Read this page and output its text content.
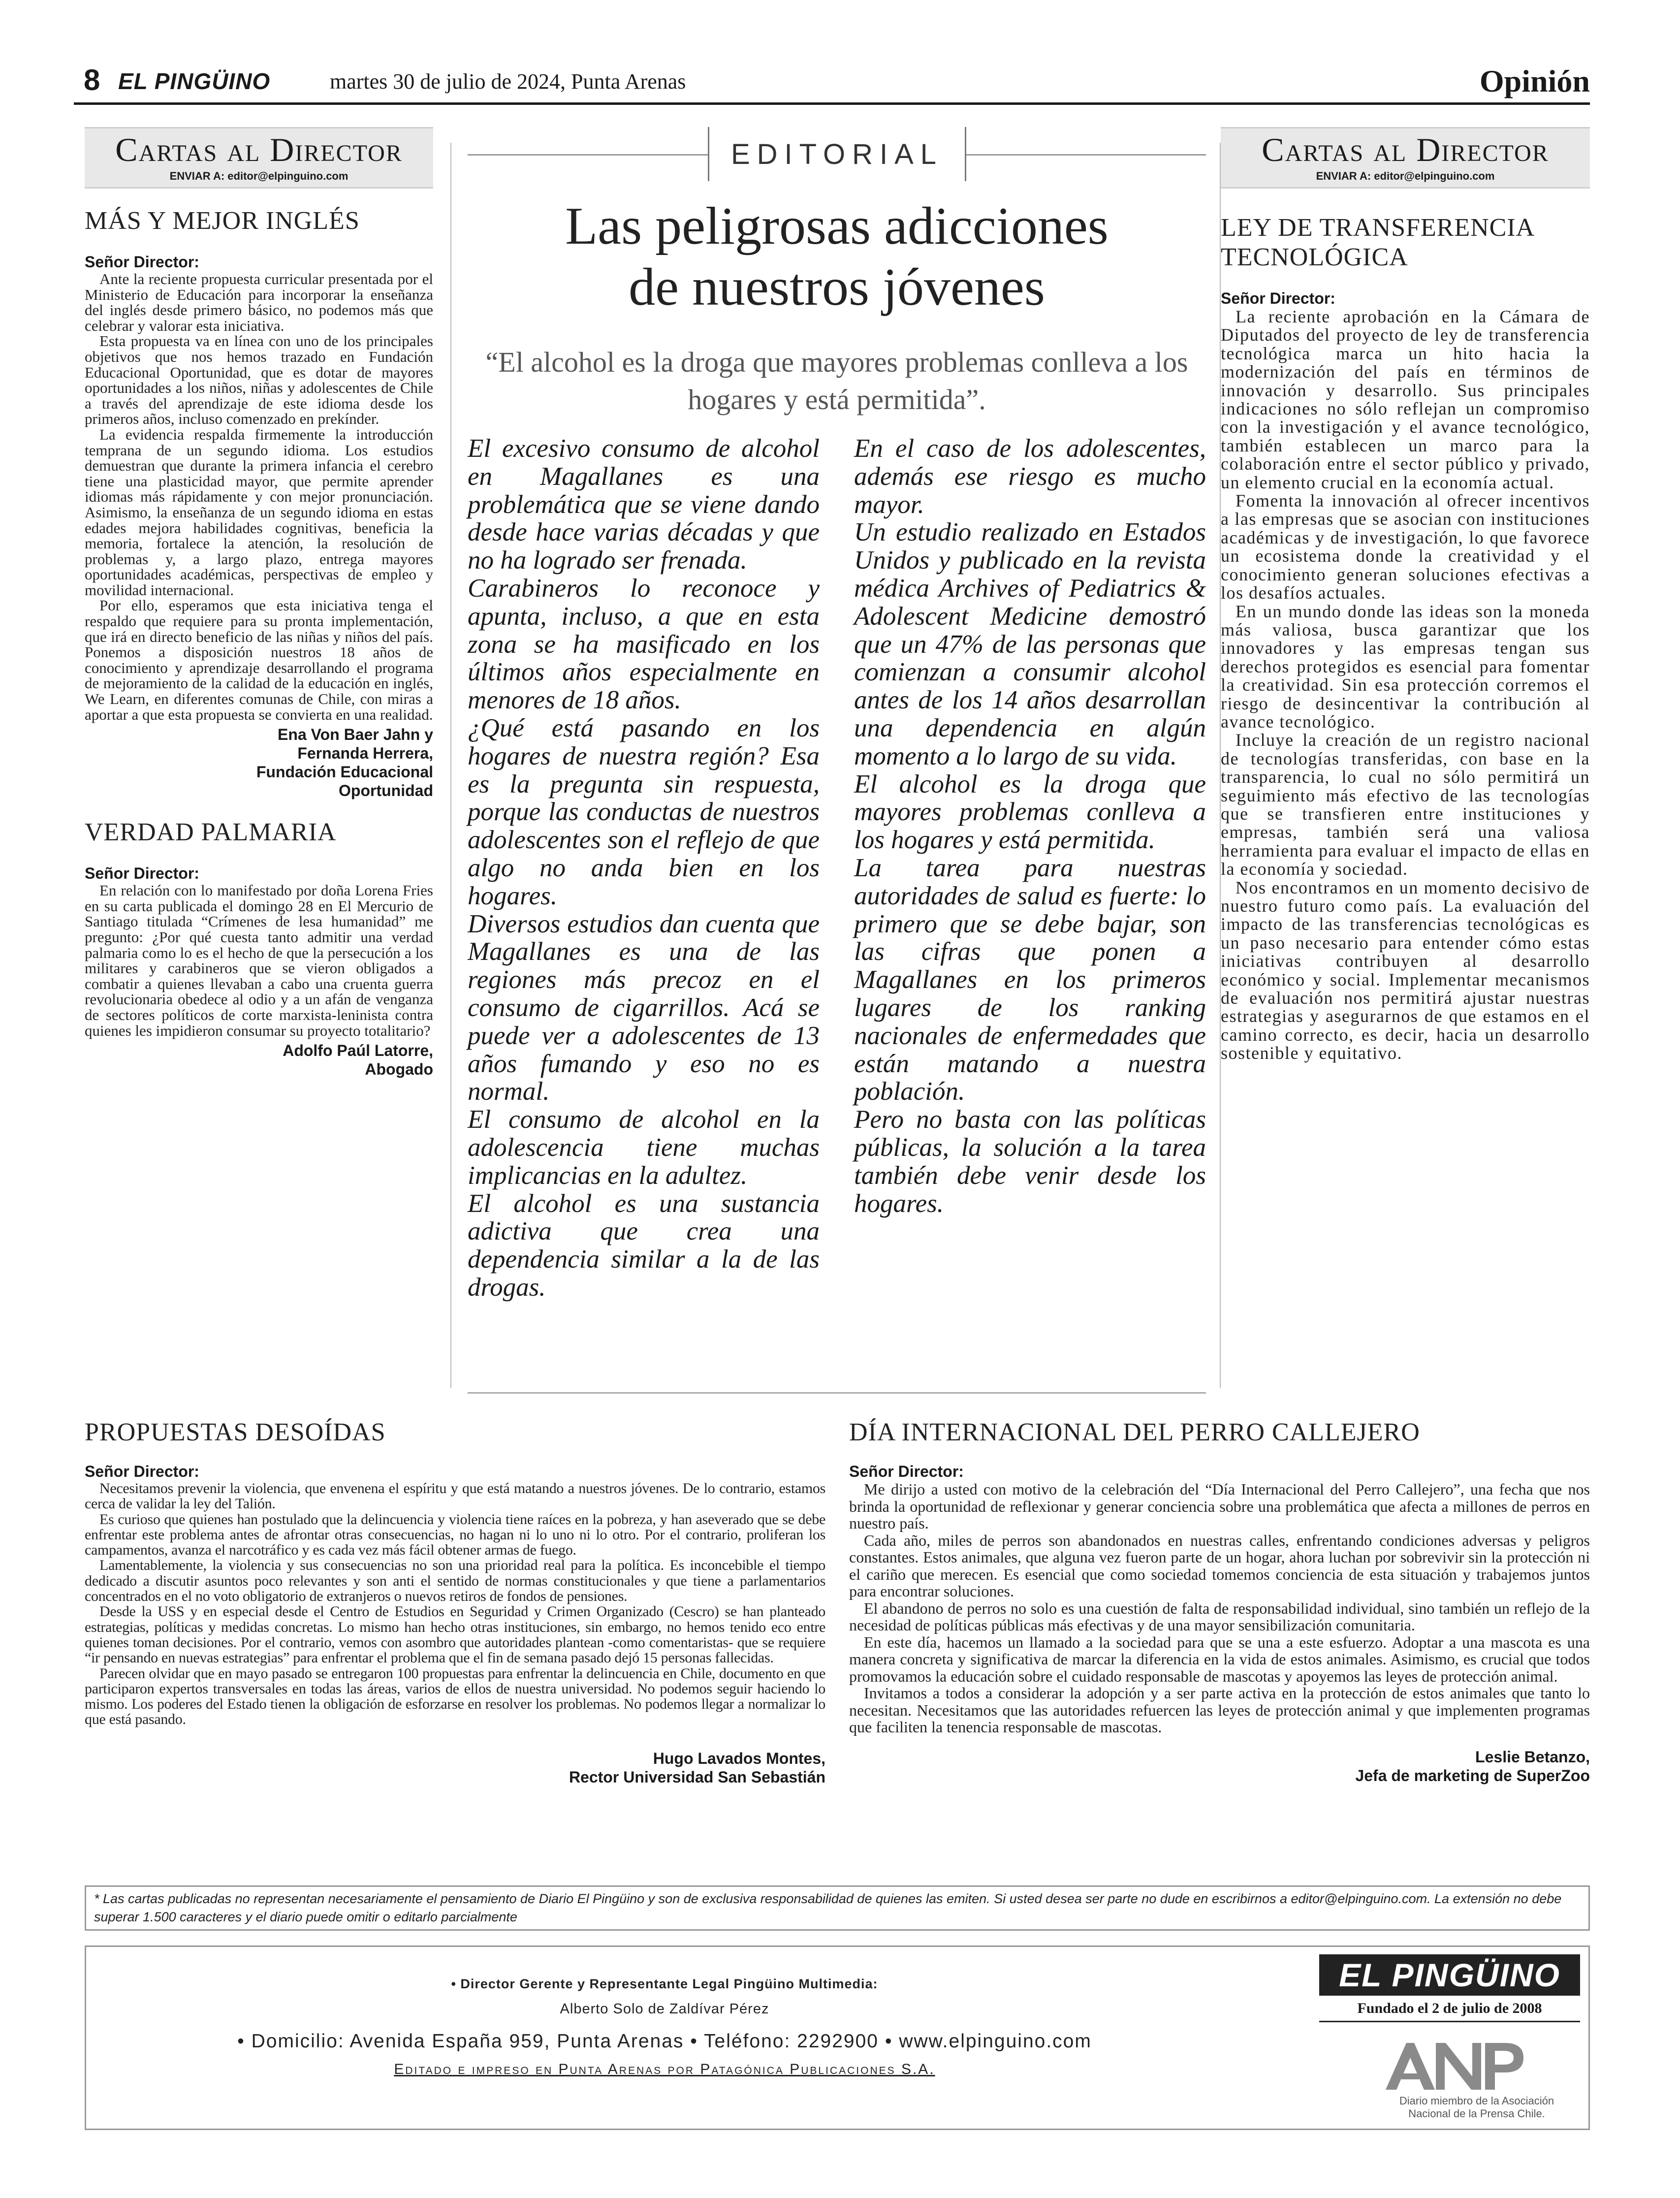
8 EL PINGÜINO	martes 30 de julio de 2024, Punta Arenas	Opinión
Cartas al Director
ENVIAR A: editor@elpinguino.com
MÁS Y MEJOR INGLÉS
Señor Director:

Ante la reciente propuesta curricular presentada por el Ministerio de Educación para incorporar la enseñanza del inglés desde primero básico, no podemos más que celebrar y valorar esta iniciativa.

Esta propuesta va en línea con uno de los principales objetivos que nos hemos trazado en Fundación Educacional Oportunidad, que es dotar de mayores oportunidades a los niños, niñas y adolescentes de Chile a través del aprendizaje de este idioma desde los primeros años, incluso comenzado en prekínder.

La evidencia respalda firmemente la introducción temprana de un segundo idioma. Los estudios demuestran que durante la primera infancia el cerebro tiene una plasticidad mayor, que permite aprender idiomas más rápidamente y con mejor pronunciación. Asimismo, la enseñanza de un segundo idioma en estas edades mejora habilidades cognitivas, beneficia la memoria, fortalece la atención, la resolución de problemas y, a largo plazo, entrega mayores oportunidades académicas, perspectivas de empleo y movilidad internacional.

Por ello, esperamos que esta iniciativa tenga el respaldo que requiere para su pronta implementación, que irá en directo beneficio de las niñas y niños del país. Ponemos a disposición nuestros 18 años de conocimiento y aprendizaje desarrollando el programa de mejoramiento de la calidad de la educación en inglés, We Learn, en diferentes comunas de Chile, con miras a aportar a que esta propuesta se convierta en una realidad.

Ena Von Baer Jahn y
Fernanda Herrera,
Fundación Educacional
Oportunidad
VERDAD PALMARIA
Señor Director:

En relación con lo manifestado por doña Lorena Fries en su carta publicada el domingo 28 en El Mercurio de Santiago titulada “Crímenes de lesa humanidad” me pregunto: ¿Por qué cuesta tanto admitir una verdad palmaria como lo es el hecho de que la persecución a los militares y carabineros que se vieron obligados a combatir a quienes llevaban a cabo una cruenta guerra revolucionaria obedece al odio y a un afán de venganza de sectores políticos de corte marxista-leninista contra quienes les impidieron consumar su proyecto totalitario?

Adolfo Paúl Latorre,
Abogado
EDITORIAL
Las peligrosas adicciones
de nuestros jóvenes
“El alcohol es la droga que mayores problemas conlleva a los hogares y está permitida”.

El excesivo consumo de alcohol en Magallanes es una problemática que se viene dando desde hace varias décadas y que no ha logrado ser frenada.

Carabineros lo reconoce y apunta, incluso, a que en esta zona se ha masificado en los últimos años especialmente en menores de 18 años.

¿Qué está pasando en los hogares de nuestra región? Esa es la pregunta sin respuesta, porque las conductas de nuestros adolescentes son el reflejo de que algo no anda bien en los hogares.

Diversos estudios dan cuenta que Magallanes es una de las regiones más precoz en el consumo de cigarrillos. Acá se puede ver a adolescentes de 13 años fumando y eso no es normal.

El consumo de alcohol en la adolescencia tiene muchas implicancias en la adultez.

El alcohol es una sustancia adictiva que crea una dependencia similar a la de las drogas.

En el caso de los adolescentes, además ese riesgo es mucho mayor.

Un estudio realizado en Estados Unidos y publicado en la revista médica Archives of Pediatrics & Adolescent Medicine demostró que un 47% de las personas que comienzan a consumir alcohol antes de los 14 años desarrollan una dependencia en algún momento a lo largo de su vida.

El alcohol es la droga que mayores problemas conlleva a los hogares y está permitida.

La tarea para nuestras autoridades de salud es fuerte: lo primero que se debe bajar, son las cifras que ponen a Magallanes en los primeros lugares de los ranking nacionales de enfermedades que están matando a nuestra población.

Pero no basta con las políticas públicas, la solución a la tarea también debe venir desde los hogares.

Cartas al Director
ENVIAR A: editor@elpinguino.com
LEY DE TRANSFERENCIA TECNOLÓGICA
Señor Director:

La reciente aprobación en la Cámara de Diputados del proyecto de ley de transferencia tecnológica marca un hito hacia la modernización del país en términos de innovación y desarrollo. Sus principales indicaciones no sólo reflejan un compromiso con la investigación y el avance tecnológico, también establecen un marco para la colaboración entre el sector público y privado, un elemento crucial en la economía actual.

Fomenta la innovación al ofrecer incentivos a las empresas que se asocian con instituciones académicas y de investigación, lo que favorece un ecosistema donde la creatividad y el conocimiento generan soluciones efectivas a los desafíos actuales.

En un mundo donde las ideas son la moneda más valiosa, busca garantizar que los innovadores y las empresas tengan sus derechos protegidos es esencial para fomentar la creatividad. Sin esa protección corremos el riesgo de desincentivar la contribución al avance tecnológico.

Incluye la creación de un registro nacional de tecnologías transferidas, con base en la transparencia, lo cual no sólo permitirá un seguimiento más efectivo de las tecnologías que se transfieren entre instituciones y empresas, también será una valiosa herramienta para evaluar el impacto de ellas en la economía y sociedad.

Nos encontramos en un momento decisivo de nuestro futuro como país. La evaluación del impacto de las transferencias tecnológicas es un paso necesario para entender cómo estas iniciativas contribuyen al desarrollo económico y social. Implementar mecanismos de evaluación nos permitirá ajustar nuestras estrategias y asegurarnos de que estamos en el camino correcto, es decir, hacia un desarrollo sostenible y equitativo.

PROPUESTAS DESOÍDAS
Señor Director:

Necesitamos prevenir la violencia, que envenena el espíritu y que está matando a nuestros jóvenes. De lo contrario, estamos cerca de validar la ley del Talión.

Es curioso que quienes han postulado que la delincuencia y violencia tiene raíces en la pobreza, y han aseverado que se debe enfrentar este problema antes de afrontar otras consecuencias, no hagan ni lo uno ni lo otro. Por el contrario, proliferan los campamentos, avanza el narcotráfico y es cada vez más fácil obtener armas de fuego.

Lamentablemente, la violencia y sus consecuencias no son una prioridad real para la política. Es inconcebible el tiempo dedicado a discutir asuntos poco relevantes y son anti el sentido de normas constitucionales y que tiene a parlamentarios concentrados en el no voto obligatorio de extranjeros o nuevos retiros de fondos de pensiones.

Desde la USS y en especial desde el Centro de Estudios en Seguridad y Crimen Organizado (Cescro) se han planteado estrategias, políticas y medidas concretas. Lo mismo han hecho otras instituciones, sin embargo, no hemos tenido eco entre quienes toman decisiones. Por el contrario, vemos con asombro que autoridades plantean -como comentaristas- que se requiere “ir pensando en nuevas estrategias” para enfrentar el problema que el fin de semana pasado dejó 15 personas fallecidas.

Parecen olvidar que en mayo pasado se entregaron 100 propuestas para enfrentar la delincuencia en Chile, documento en que participaron expertos transversales en todas las áreas, varios de ellos de nuestra universidad. No podemos seguir haciendo lo mismo. Los poderes del Estado tienen la obligación de esforzarse en resolver los problemas. No podemos llegar a normalizar lo que está pasando.

Hugo Lavados Montes,
Rector Universidad San Sebastián
DÍA INTERNACIONAL DEL PERRO CALLEJERO
Señor Director:

Me dirijo a usted con motivo de la celebración del “Día Internacional del Perro Callejero”, una fecha que nos brinda la oportunidad de reflexionar y generar conciencia sobre una problemática que afecta a millones de perros en nuestro país.

Cada año, miles de perros son abandonados en nuestras calles, enfrentando condiciones adversas y peligros constantes. Estos animales, que alguna vez fueron parte de un hogar, ahora luchan por sobrevivir sin la protección ni el cariño que merecen. Es esencial que como sociedad tomemos conciencia de esta situación y trabajemos juntos para encontrar soluciones.

El abandono de perros no solo es una cuestión de falta de responsabilidad individual, sino también un reflejo de la necesidad de políticas públicas más efectivas y de una mayor sensibilización comunitaria.

En este día, hacemos un llamado a la sociedad para que se una a este esfuerzo. Adoptar a una mascota es una manera concreta y significativa de marcar la diferencia en la vida de estos animales. Asimismo, es crucial que todos promovamos la educación sobre el cuidado responsable de mascotas y apoyemos las leyes de protección animal.

Invitamos a todos a considerar la adopción y a ser parte activa en la protección de estos animales que tanto lo necesitan. Necesitamos que las autoridades refuercen las leyes de protección animal y que implementen programas que faciliten la tenencia responsable de mascotas.

Leslie Betanzo,
Jefa de marketing de SuperZoo
* Las cartas publicadas no representan necesariamente el pensamiento de Diario El Pingüino y son de exclusiva responsabilidad de quienes las emiten. Si usted desea ser parte no dude en escribirnos a editor@elpinguino.com. La extensión no debe superar 1.500 caracteres y el diario puede omitir o editarlo parcialmente
• Director Gerente y Representante Legal Pingüino Multimedia:
Alberto Solo de Zaldívar Pérez
• Domicilio: Avenida España 959, Punta Arenas • Teléfono: 2292900 • www.elpinguino.com
Editado e impreso en Punta Arenas por Patagónica Publicaciones S.A.
EL PINGÜINO
Fundado el 2 de julio de 2008
Diario miembro de la Asociación
Nacional de la Prensa Chile.
